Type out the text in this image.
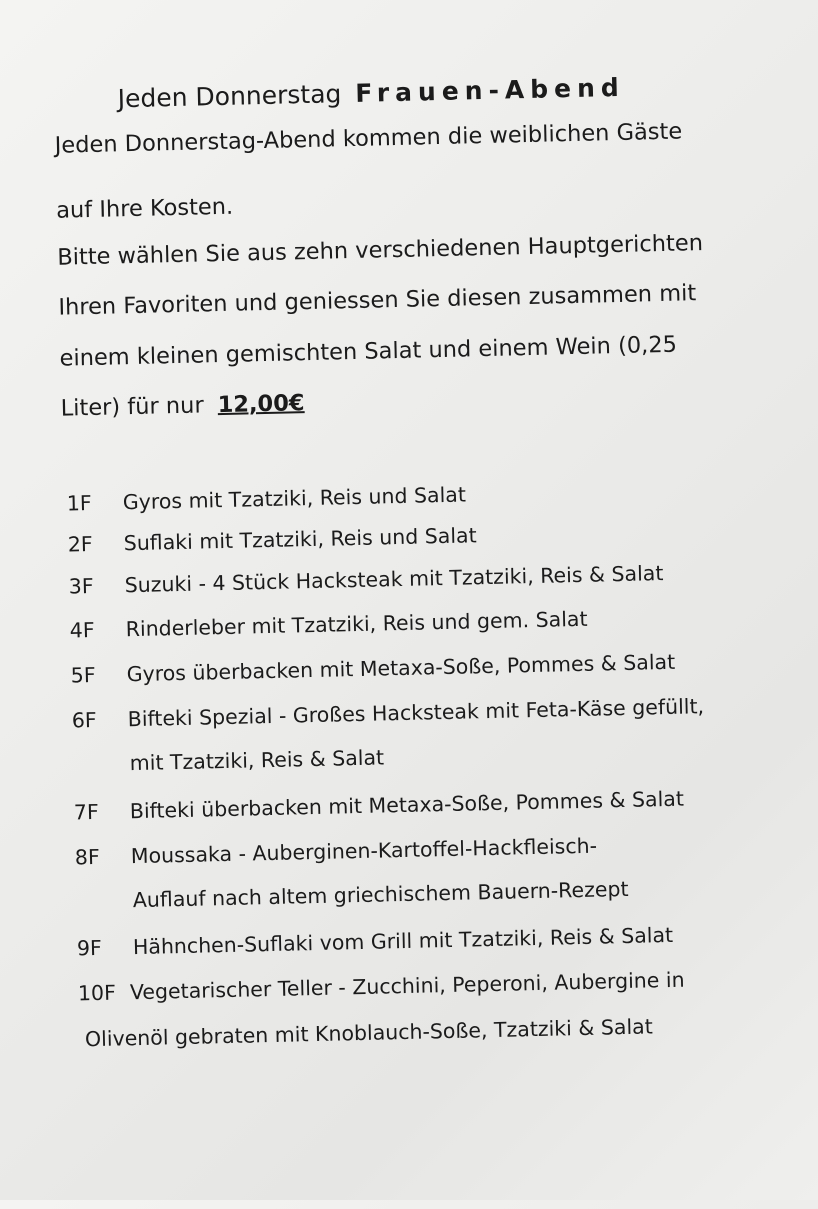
Jeden Donnerstag Frauen-Abend
Jeden Donnerstag-Abend kommen die weiblichen Gäste
auf Ihre Kosten.
Bitte wählen Sie aus zehn verschiedenen Hauptgerichten
Ihren Favoriten und geniessen Sie diesen zusammen mit
einem kleinen gemischten Salat und einem Wein (0,25
Liter) für nur 12,00€
1F Gyros mit Tzatziki, Reis und Salat
2F Suflaki mit Tzatziki, Reis und Salat
3F Suzuki - 4 Stück Hacksteak mit Tzatziki, Reis & Salat
4F Rinderleber mit Tzatziki, Reis und gem. Salat
5F Gyros überbacken mit Metaxa-Soße, Pommes & Salat
6F Bifteki Spezial - Großes Hacksteak mit Feta-Käse gefüllt,
mit Tzatziki, Reis & Salat
7F Bifteki überbacken mit Metaxa-Soße, Pommes & Salat
8F Moussaka - Auberginen-Kartoffel-Hackfleisch-
Auflauf nach altem griechischem Bauern-Rezept
9F Hähnchen-Suflaki vom Grill mit Tzatziki, Reis & Salat
10F Vegetarischer Teller - Zucchini, Peperoni, Aubergine in
Olivenöl gebraten mit Knoblauch-Soße, Tzatziki & Salat
